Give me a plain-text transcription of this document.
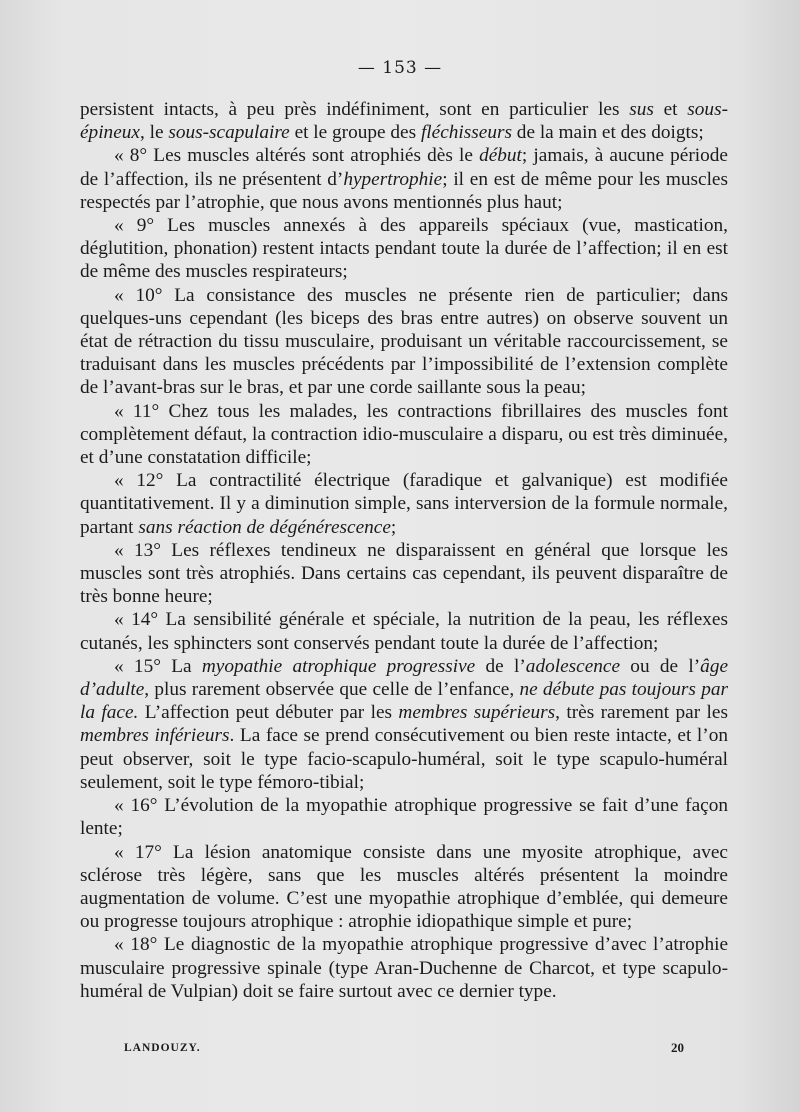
— 153 —

persistent intacts, à peu près indéfiniment, sont en particulier les sus et sous-épineux, le sous-scapulaire et le groupe des fléchisseurs de la main et des doigts;

« 8° Les muscles altérés sont atrophiés dès le début; jamais, à aucune période de l’affection, ils ne présentent d’hypertrophie; il en est de même pour les muscles respectés par l’atrophie, que nous avons mentionnés plus haut;

« 9° Les muscles annexés à des appareils spéciaux (vue, mastication, déglutition, phonation) restent intacts pendant toute la durée de l’affection; il en est de même des muscles respirateurs;

« 10° La consistance des muscles ne présente rien de particulier; dans quelques-uns cependant (les biceps des bras entre autres) on observe souvent un état de rétraction du tissu musculaire, produisant un véritable raccourcissement, se traduisant dans les muscles précédents par l’impossibilité de l’extension complète de l’avant-bras sur le bras, et par une corde saillante sous la peau;

« 11° Chez tous les malades, les contractions fibrillaires des muscles font complètement défaut, la contraction idio-musculaire a disparu, ou est très diminuée, et d’une constatation difficile;

« 12° La contractilité électrique (faradique et galvanique) est modifiée quantitativement. Il y a diminution simple, sans interversion de la formule normale, partant sans réaction de dégénérescence;

« 13° Les réflexes tendineux ne disparaissent en général que lorsque les muscles sont très atrophiés. Dans certains cas cependant, ils peuvent disparaître de très bonne heure;

« 14° La sensibilité générale et spéciale, la nutrition de la peau, les réflexes cutanés, les sphincters sont conservés pendant toute la durée de l’affection;

« 15° La myopathie atrophique progressive de l’adolescence ou de l’âge d’adulte, plus rarement observée que celle de l’enfance, ne débute pas toujours par la face. L’affection peut débuter par les membres supérieurs, très rarement par les membres inférieurs. La face se prend consécutivement ou bien reste intacte, et l’on peut observer, soit le type facio-scapulo-huméral, soit le type scapulo-huméral seulement, soit le type fémoro-tibial;

« 16° L’évolution de la myopathie atrophique progressive se fait d’une façon lente;

« 17° La lésion anatomique consiste dans une myosite atrophique, avec sclérose très légère, sans que les muscles altérés présentent la moindre augmentation de volume. C’est une myopathie atrophique d’emblée, qui demeure ou progresse toujours atrophique : atrophie idiopathique simple et pure;

« 18° Le diagnostic de la myopathie atrophique progressive d’avec l’atrophie musculaire progressive spinale (type Aran-Duchenne de Charcot, et type scapulo-huméral de Vulpian) doit se faire surtout avec ce dernier type.

LANDOUZY.	20
